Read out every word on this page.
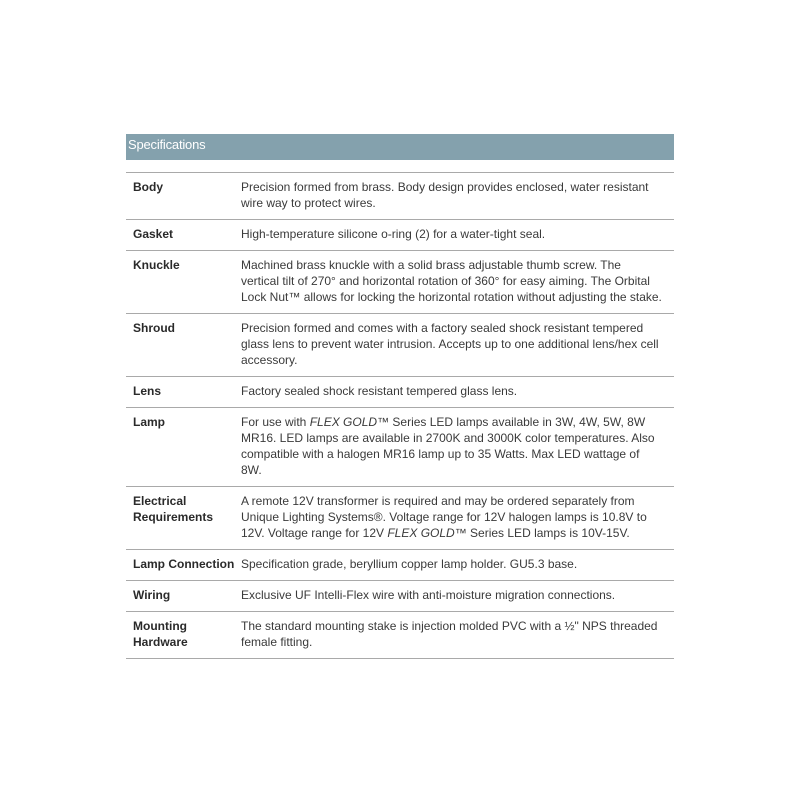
Specifications
Body	Precision formed from brass. Body design provides enclosed, water resistant wire way to protect wires.
Gasket	High-temperature silicone o-ring (2) for a water-tight seal.
Knuckle	Machined brass knuckle with a solid brass adjustable thumb screw. The vertical tilt of 270° and horizontal rotation of 360° for easy aiming. The Orbital Lock Nut™ allows for locking the horizontal rotation without adjusting the stake.
Shroud	Precision formed and comes with a factory sealed shock resistant tempered glass lens to prevent water intrusion. Accepts up to one additional lens/hex cell accessory.
Lens	Factory sealed shock resistant tempered glass lens.
Lamp	For use with FLEX GOLD™ Series LED lamps available in 3W, 4W, 5W, 8W MR16. LED lamps are available in 2700K and 3000K color temperatures. Also compatible with a halogen MR16 lamp up to 35 Watts. Max LED wattage of 8W.
Electrical Requirements	A remote 12V transformer is required and may be ordered separately from Unique Lighting Systems®. Voltage range for 12V halogen lamps is 10.8V to 12V. Voltage range for 12V FLEX GOLD™ Series LED lamps is 10V-15V.
Lamp Connection	Specification grade, beryllium copper lamp holder. GU5.3 base.
Wiring	Exclusive UF Intelli-Flex wire with anti-moisture migration connections.
Mounting Hardware	The standard mounting stake is injection molded PVC with a ½" NPS threaded female fitting.
